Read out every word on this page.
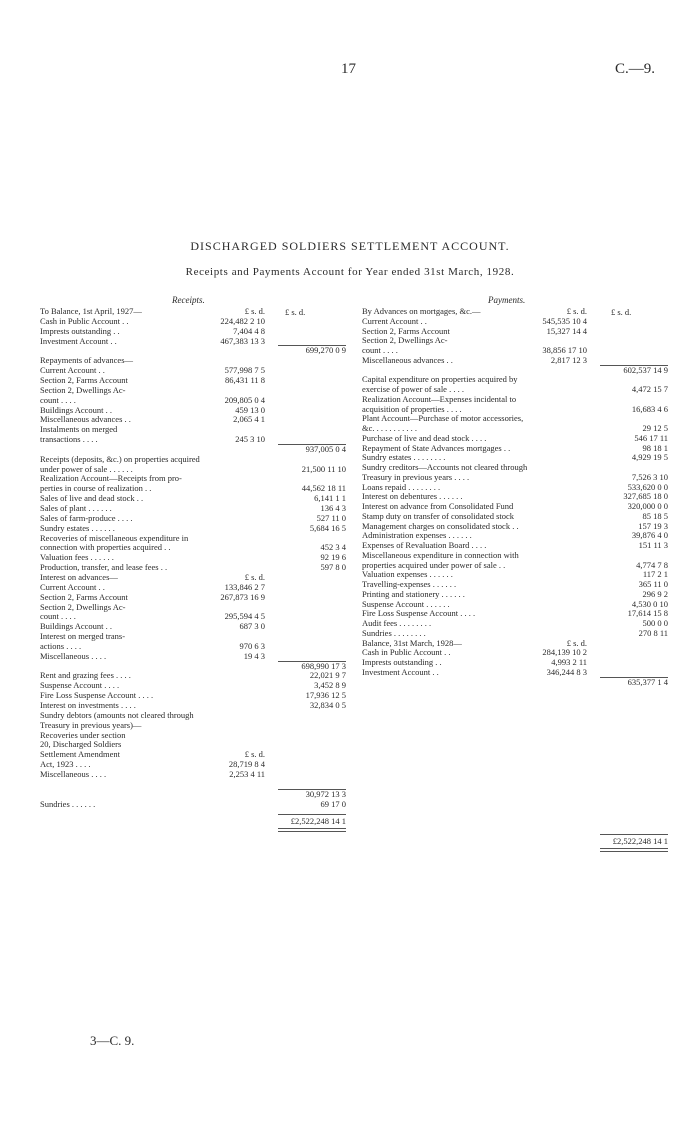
17	C.—9.
DISCHARGED SOLDIERS SETTLEMENT ACCOUNT.
Receipts and Payments Account for Year ended 31st March, 1928.
Receipts.
£ s. d.
To Balance, 1st April, 1927—	£ s. d.
Cash in Public Account . .	224,482 2 10
Imprests outstanding . .	7,404 4 8
Investment Account . .	467,383 13 3
699,270 0 9
Repayments of advances—
Current Account . .	577,998 7 5
Section 2, Farms Account	86,431 11 8
Section 2, Dwellings Ac-
count . . . .	209,805 0 4
Buildings Account . .	459 13 0
Miscellaneous advances . .	2,065 4 1
Instalments on merged
transactions . . . .	245 3 10
937,005 0 4
Receipts (deposits, &c.) on properties acquired
under power of sale . . . . . .	21,500 11 10
Realization Account—Receipts from pro-
perties in course of realization . .	44,562 18 11
Sales of live and dead stock . .	6,141 1 1
Sales of plant . . . . . .	136 4 3
Sales of farm-produce . . . .	527 11 0
Sundry estates . . . . . .	5,684 16 5
Recoveries of miscellaneous expenditure in
connection with properties acquired . .	452 3 4
Valuation fees . . . . . .	92 19 6
Production, transfer, and lease fees . .	597 8 0
Interest on advances—	£ s. d.
Current Account . .	133,846 2 7
Section 2, Farms Account	267,873 16 9
Section 2, Dwellings Ac-
count . . . .	295,594 4 5
Buildings Account . .	687 3 0
Interest on merged trans-
actions . . . .	970 6 3
Miscellaneous . . . .	19 4 3
698,990 17 3
Rent and grazing fees . . . .	22,021 9 7
Suspense Account . . . .	3,452 8 9
Fire Loss Suspense Account . . . .	17,936 12 5
Interest on investments . . . .	32,834 0 5
Sundry debtors (amounts not cleared through
Treasury in previous years)—
Recoveries under section
20, Discharged Soldiers
Settlement Amendment	£ s. d.
Act, 1923 . . . .	28,719 8 4
Miscellaneous . . . .	2,253 4 11
30,972 13 3
Sundries . . . . . .	69 17 0
£2,522,248 14 1
Payments.
£ s. d.
By Advances on mortgages, &c.—	£ s. d.
Current Account . .	545,535 10 4
Section 2, Farms Account	15,327 14 4
Section 2, Dwellings Ac-
count . . . .	38,856 17 10
Miscellaneous advances . .	2,817 12 3
602,537 14 9
Capital expenditure on properties acquired by
exercise of power of sale . . . .	4,472 15 7
Realization Account—Expenses incidental to
acquisition of properties . . . .	16,683 4 6
Plant Account—Purchase of motor accessories,
&c. . . . . . . . . . .	29 12 5
Purchase of live and dead stock . . . .	546 17 11
Repayment of State Advances mortgages . .	98 18 1
Sundry estates . . . . . . . .	4,929 19 5
Sundry creditors—Accounts not cleared through
Treasury in previous years . . . .	7,526 3 10
Loans repaid . . . . . . . .	533,620 0 0
Interest on debentures . . . . . .	327,685 18 0
Interest on advance from Consolidated Fund	320,000 0 0
Stamp duty on transfer of consolidated stock	85 18 5
Management charges on consolidated stock . .	157 19 3
Administration expenses . . . . . .	39,876 4 0
Expenses of Revaluation Board . . . .	151 11 3
Miscellaneous expenditure in connection with
properties acquired under power of sale . .	4,774 7 8
Valuation expenses . . . . . .	117 2 1
Travelling-expenses . . . . . .	365 11 0
Printing and stationery . . . . . .	296 9 2
Suspense Account . . . . . .	4,530 0 10
Fire Loss Suspense Account . . . .	17,614 15 8
Audit fees . . . . . . . .	500 0 0
Sundries . . . . . . . .	270 8 11
Balance, 31st March, 1928—	£ s. d.
Cash in Public Account . .	284,139 10 2
Imprests outstanding . .	4,993 2 11
Investment Account . .	346,244 8 3
635,377 1 4
£2,522,248 14 1
3—C. 9.
